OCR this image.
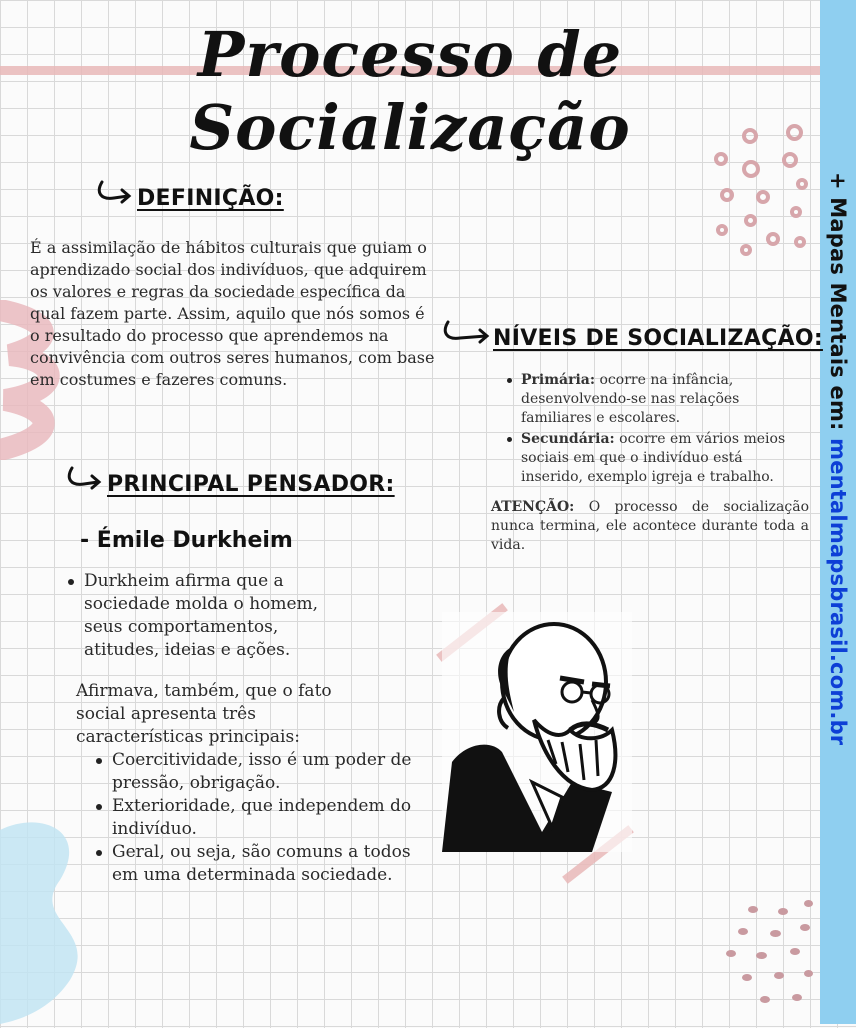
+ Mapas Mentais em: mentalmapsbrasil.com.br
Processo de Socialização
DEFINIÇÃO:
É a assimilação de hábitos culturais que guiam o aprendizado social dos indivíduos, que adquirem os valores e regras da sociedade específica da qual fazem parte. Assim, aquilo que nós somos é o resultado do processo que aprendemos na convivência com outros seres humanos, com base em costumes e fazeres comuns.
NÍVEIS DE SOCIALIZAÇÃO:
Primária: ocorre na infância, desenvolvendo-se nas relações familiares e escolares.
Secundária: ocorre em vários meios sociais em que o indivíduo está inserido, exemplo igreja e trabalho.
ATENÇÃO: O processo de socialização nunca termina, ele acontece durante toda a vida.
PRINCIPAL PENSADOR:
- Émile Durkheim
Durkheim afirma que a sociedade molda o homem, seus comportamentos, atitudes, ideias e ações.
Afirmava, também, que o fato social apresenta três características principais:
Coercitividade, isso é um poder de pressão, obrigação.
Exterioridade, que independem do indivíduo.
Geral, ou seja, são comuns a todos em uma determinada sociedade.
